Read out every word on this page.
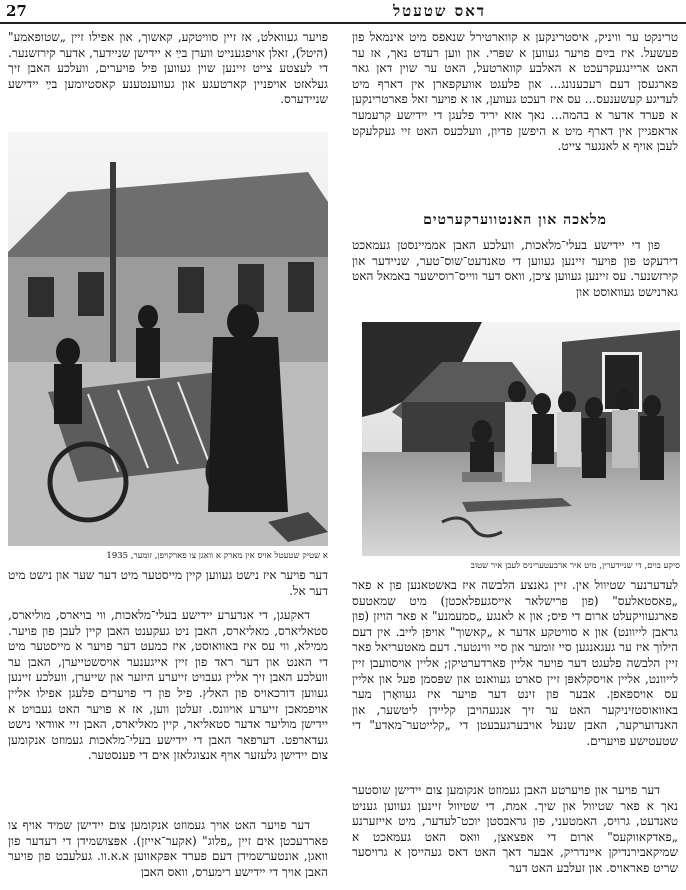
27	דאס שטעטל

טרינקט ער וויניק, איסטרינקען א קווארטירל שנאפס מיט אינמאל פון פעשעל. איז בײַם פויער געווען א שפּרי. און ווען רעדט נאך, אז ער האט אריינגעקרעכט א האלבע קווארטעל, האט ער שוין דאן גאר פארגעסן דעם רעכענונג... און פלעגט אוועקפארן אין דארף מיט לעדיגע קעשענעס... עס איז רעכט געווען, או א פויער זאל פארטרינקען א פערד אדער א בהמה... נאך אזא יריד פלעגן די יידישע קרעמער אראפגיין אין דארף מיט א היפשן פדיון, וועלכעס האט זיי געקלעקט לעבן אויף א לאנגער צייט.

מלאכה און האנטווערקערטים

פון די יידישע בעלי־מלאכות, וועלכע האבן אממיינסטן געמאכט דירעקט פון פויער זיינען געווען די טאנדעט־שוס־טער, שניידער און קירזשנער. עס זיינען געווען ציכן, וואס דער ווייס־רוסישער באמאל האט גארנישט געוואוסט און

סיקע בוים, די שניידערין, מיט איר ארבעטעריניס לעבן איר שטוב

לעדערנער שטיוול אין. זיין גאנצע הלבשה איז באשטאנען פון א פאר „פאסטאלעס" (פון פרישלאר אייסגעפלאכטן) מיט שמאטעס פארגעוויקעלט ארום די פיס; און א לאנגע „סמעמנע" א פאר הויזן (פון גראבן לייוונט) און א סוויטקע אדער א „קאשוך" אויפן לייב. אין דעם הילוך איז ער געגאנגען סיי זומער און סיי ווינטער. דעם מאטעריאל פאר זיין הלבשה פלעגט דער פויער אליין פארדערטיקן; אליין אויסוועבן זיין לייוונט, אליין אויסקלאפּן זיין סארט געוואנט און שפּסמן פעל און אליין עס אויספאפן. אבער פון זינט דער פויער איז געוואָרן מער באוואוסטזיניקער האט ער זיך אנגעהויבן קליידן ליטשער, און האנדוערקער, האבן שנעל אויבערגעבעטן די „קלייטער־מאדע" די שטעטישע פויערים.

דער פויער און פויערטע האבן געמוזט אנקומען צום יידישן שוסטער נאך א פאר שטיוול און שיך. אמת, די שטיוול זיינען געווען געניט טאנדעט, גרויס, האמטעני, פון גראבסטן יוכט־לעדער, מיט אייזערנע „פאדקאווקעס" ארום די אפצאצן, וואס האט געמאכט א שמיקאבירנדיקן אײנדריק, אבער דאך האט דאס געהייסן א גרויסער שריט פאראויס. און זעלבע האט דער

פויער געוואלט, אז זיין סוויטקע, קאשוך, און אפילו זיין „שטופאמע" (היטל), זאלן אויפגענייט ווערן בײַ א יידישן שניידער, אדער קירזשנער. די לעצטע צייט זיינען שוין געווען פיל פויערים, וועלכע האבן זיך געלאזט אויפניין קארטעגע און געווענטענע קאסטיומען בײַ יידישע שניידערס.

א שטיק שטעטל אויס אין מארק א וואגן צו פארקויפן, זומער, 1935

דער פויער איז נישט געווען קיין מייסטער מיט דער שער און נישט מיט דער אל.

דאקעגן, די אנדערע יידישע בעלי־מלאכות, ווי בויארס, מוליארס, סטאליארס, מאליארס, האבן ניט געקענט האבן קיין לעבן פון פויער. ממילא, ווי עס איז באוואוסט, איז כמעט דער פויער א מייסטער מיט די האנט און דער ראד פון זיין אייגענער אויסשטייערן, האבן ער וועלכע האבן זיך אליין געבויט זייערע היזער און שייערן, וועלכע זיינען געווען דורכאויס פון האלץ. פיל פון די פויערים פלעגן אפילו אליין אויפמאכן זייערע אויוונס. זעלטן ווען, אז א פויער האט געבויט א יידישן מוליער אדער סטאליאר, קיין מאליארס, האבן זיי אוודאי נישט געדארפט. דערפאר האבן די יידישע בעלי־מלאכות געמוזט אנקומען צום יידישן גלעזער אויף אנצוגלאזן אים די פענסטער.

דער פויער האט אויך געמוזט אנקומען צום יידישן שמיד אויף צו פאררעכטן אים זיין „פלוג" (אקער־אייזן). אפּצושמידן די רעדער פון וואגן, אונטערשמידן דעם פערד אפּקאווען א.א.וו. געלעבט פון פויער האבן אויך די יידישע רימערס, וואס האבן
